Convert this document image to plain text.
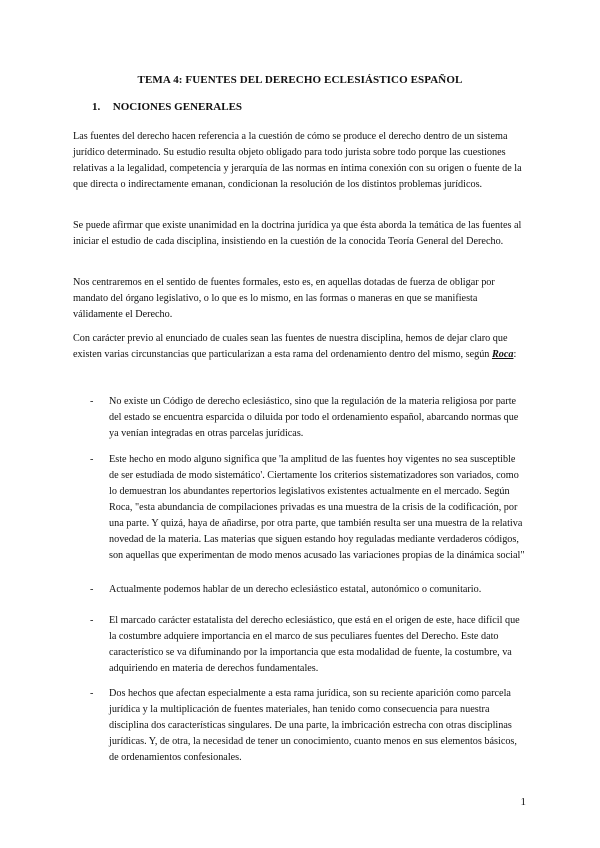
TEMA 4: FUENTES DEL DERECHO ECLESIÁSTICO ESPAÑOL
1. NOCIONES GENERALES

Las fuentes del derecho hacen referencia a la cuestión de cómo se produce el derecho dentro de un sistema jurídico determinado. Su estudio resulta objeto obligado para todo jurista sobre todo porque las cuestiones relativas a la legalidad, competencia y jerarquía de las normas en íntima conexión con su origen o fuente de la que directa o indirectamente emanan, condicionan la resolución de los distintos problemas jurídicos.

Se puede afirmar que existe unanimidad en la doctrina jurídica ya que ésta aborda la temática de las fuentes al iniciar el estudio de cada disciplina, insistiendo en la cuestión de la conocida Teoría General del Derecho.

Nos centraremos en el sentido de fuentes formales, esto es, en aquellas dotadas de fuerza de obligar por mandato del órgano legislativo, o lo que es lo mismo, en las formas o maneras en que se manifiesta válidamente el Derecho.

Con carácter previo al enunciado de cuales sean las fuentes de nuestra disciplina, hemos de dejar claro que existen varias circunstancias que particularizan a esta rama del ordenamiento dentro del mismo, según Roca:

- No existe un Código de derecho eclesiástico, sino que la regulación de la materia religiosa por parte del estado se encuentra esparcida o diluida por todo el ordenamiento español, abarcando normas que ya venían integradas en otras parcelas jurídicas.
- Este hecho en modo alguno significa que 'la amplitud de las fuentes hoy vigentes no sea susceptible de ser estudiada de modo sistemático'. Ciertamente los criterios sistematizadores son variados, como lo demuestran los abundantes repertorios legislativos existentes actualmente en el mercado. Según Roca, "esta abundancia de compilaciones privadas es una muestra de la crisis de la codificación, por una parte. Y quizá, haya de añadirse, por otra parte, que también resulta ser una muestra de la relativa novedad de la materia. Las materias que siguen estando hoy reguladas mediante verdaderos códigos, son aquellas que experimentan de modo menos acusado las variaciones propias de la dinámica social"
- Actualmente podemos hablar de un derecho eclesiástico estatal, autonómico o comunitario.
- El marcado carácter estatalista del derecho eclesiástico, que está en el origen de este, hace difícil que la costumbre adquiere importancia en el marco de sus peculiares fuentes del Derecho. Este dato característico se va difuminando por la importancia que esta modalidad de fuente, la costumbre, va adquiriendo en materia de derechos fundamentales.
- Dos hechos que afectan especialmente a esta rama jurídica, son su reciente aparición como parcela jurídica y la multiplicación de fuentes materiales, han tenido como consecuencia para nuestra disciplina dos características singulares. De una parte, la imbricación estrecha con otras disciplinas jurídicas. Y, de otra, la necesidad de tener un conocimiento, cuanto menos en sus elementos básicos, de ordenamientos confesionales.
1
